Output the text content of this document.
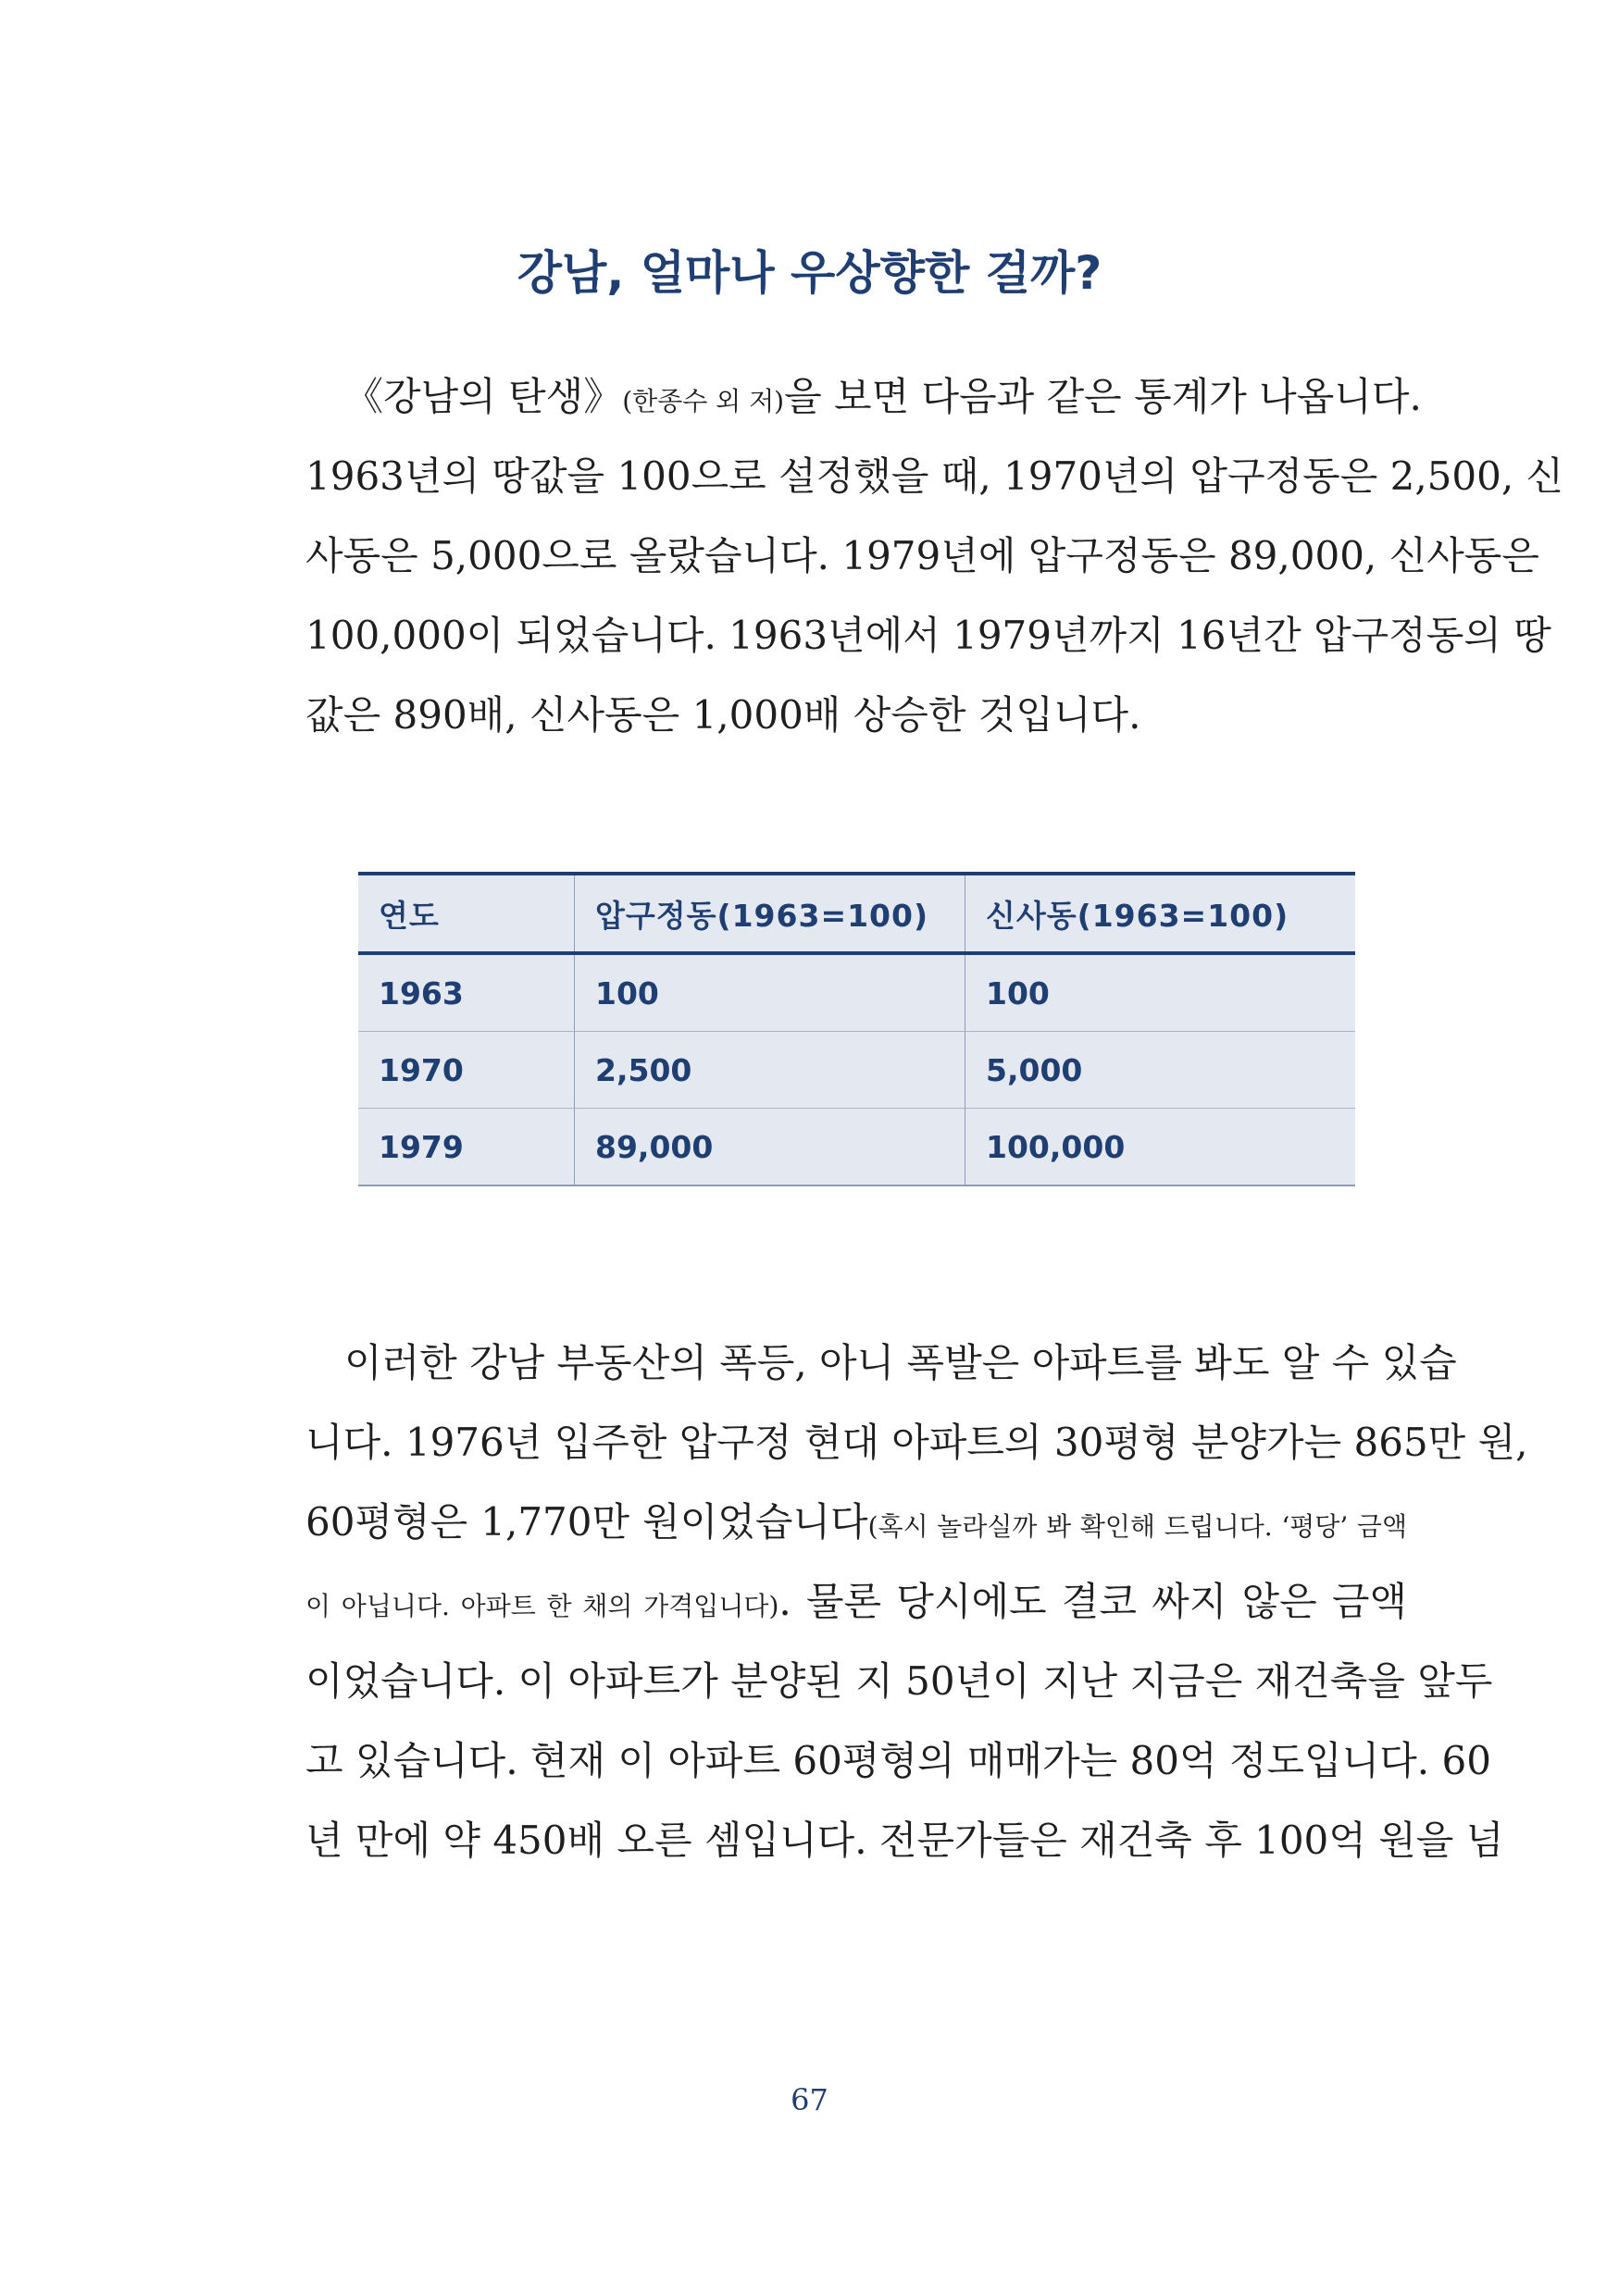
강남, 얼마나 우상향한 걸까?

《강남의 탄생》(한종수 외 저)을 보면 다음과 같은 통계가 나옵니다.
1963년의 땅값을 100으로 설정했을 때, 1970년의 압구정동은 2,500, 신
사동은 5,000으로 올랐습니다. 1979년에 압구정동은 89,000, 신사동은
100,000이 되었습니다. 1963년에서 1979년까지 16년간 압구정동의 땅
값은 890배, 신사동은 1,000배 상승한 것입니다.

연도	압구정동(1963=100)	신사동(1963=100)
1963	100	100
1970	2,500	5,000
1979	89,000	100,000

이러한 강남 부동산의 폭등, 아니 폭발은 아파트를 봐도 알 수 있습
니다. 1976년 입주한 압구정 현대 아파트의 30평형 분양가는 865만 원,
60평형은 1,770만 원이었습니다(혹시 놀라실까 봐 확인해 드립니다. ‘평당’ 금액
이 아닙니다. 아파트 한 채의 가격입니다). 물론 당시에도 결코 싸지 않은 금액
이었습니다. 이 아파트가 분양된 지 50년이 지난 지금은 재건축을 앞두
고 있습니다. 현재 이 아파트 60평형의 매매가는 80억 정도입니다. 60
년 만에 약 450배 오른 셈입니다. 전문가들은 재건축 후 100억 원을 넘

67
